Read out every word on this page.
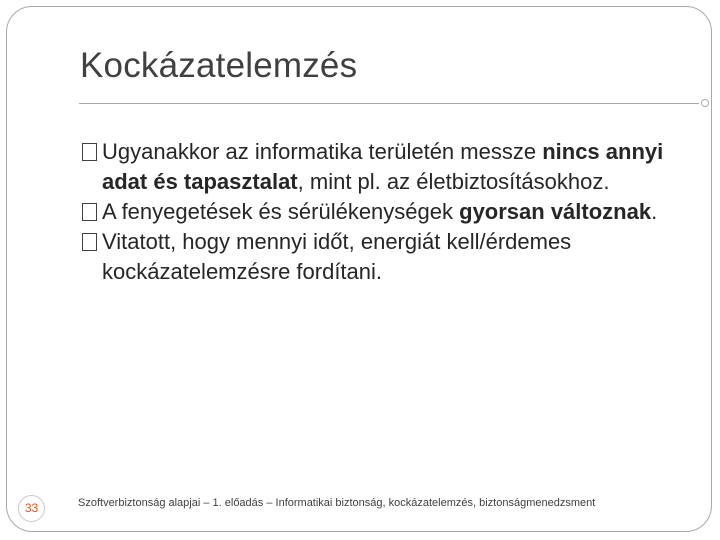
Kockázatelemzés
Ugyanakkor az informatika területén messze nincs annyi adat és tapasztalat, mint pl. az életbiztosításokhoz.
A fenyegetések és sérülékenységek gyorsan változnak.
Vitatott, hogy mennyi időt, energiát kell/érdemes kockázatelemzésre fordítani.
33	Szoftverbiztonság alapjai – 1. előadás – Informatikai biztonság, kockázatelemzés, biztonságmenedzsment
